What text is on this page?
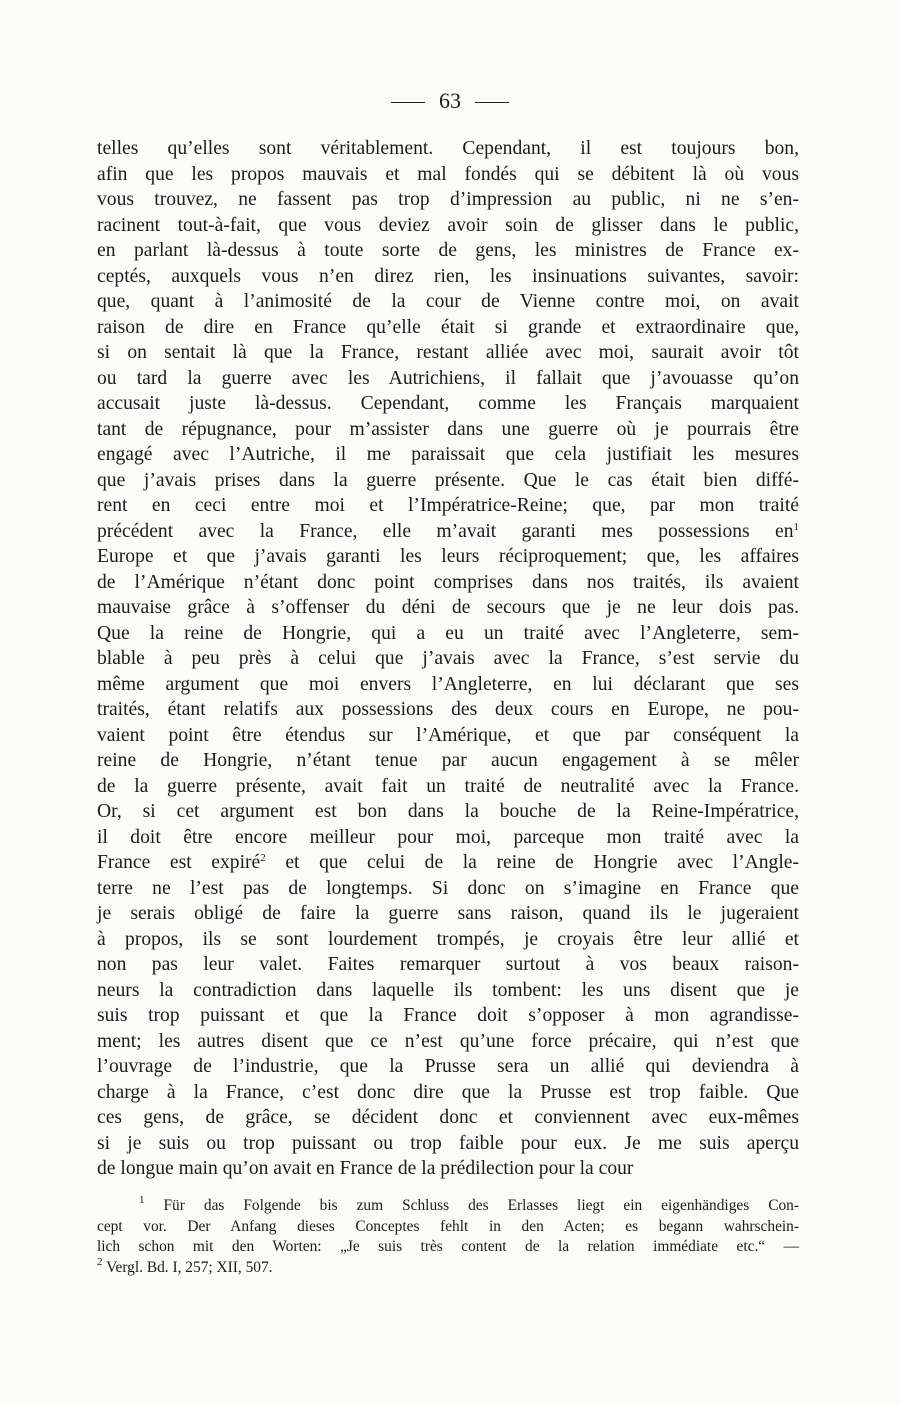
63
telles qu’elles sont véritablement. Cependant, il est toujours bon,
afin que les propos mauvais et mal fondés qui se débitent là où vous
vous trouvez, ne fassent pas trop d’impression au public, ni ne s’en-
racinent tout-à-fait, que vous deviez avoir soin de glisser dans le public,
en parlant là-dessus à toute sorte de gens, les ministres de France ex-
ceptés, auxquels vous n’en direz rien, les insinuations suivantes, savoir:
que, quant à l’animosité de la cour de Vienne contre moi, on avait
raison de dire en France qu’elle était si grande et extraordinaire que,
si on sentait là que la France, restant alliée avec moi, saurait avoir tôt
ou tard la guerre avec les Autrichiens, il fallait que j’avouasse qu’on
accusait juste là-dessus. Cependant, comme les Français marquaient
tant de répugnance, pour m’assister dans une guerre où je pourrais être
engagé avec l’Autriche, il me paraissait que cela justifiait les mesures
que j’avais prises dans la guerre présente. Que le cas était bien diffé-
rent en ceci entre moi et l’Impératrice-Reine; que, par mon traité
précédent avec la France, elle m’avait garanti mes possessions en$^1$
Europe et que j’avais garanti les leurs réciproquement; que, les affaires
de l’Amérique n’étant donc point comprises dans nos traités, ils avaient
mauvaise grâce à s’offenser du déni de secours que je ne leur dois pas.
Que la reine de Hongrie, qui a eu un traité avec l’Angleterre, sem-
blable à peu près à celui que j’avais avec la France, s’est servie du
même argument que moi envers l’Angleterre, en lui déclarant que ses
traités, étant relatifs aux possessions des deux cours en Europe, ne pou-
vaient point être étendus sur l’Amérique, et que par conséquent la
reine de Hongrie, n’étant tenue par aucun engagement à se mêler
de la guerre présente, avait fait un traité de neutralité avec la France.
Or, si cet argument est bon dans la bouche de la Reine-Impératrice,
il doit être encore meilleur pour moi, parceque mon traité avec la
France est expiré$^2$ et que celui de la reine de Hongrie avec l’Angle-
terre ne l’est pas de longtemps. Si donc on s’imagine en France que
je serais obligé de faire la guerre sans raison, quand ils le jugeraient
à propos, ils se sont lourdement trompés, je croyais être leur allié et
non pas leur valet. Faites remarquer surtout à vos beaux raison-
neurs la contradiction dans laquelle ils tombent: les uns disent que je
suis trop puissant et que la France doit s’opposer à mon agrandisse-
ment; les autres disent que ce n’est qu’une force précaire, qui n’est que
l’ouvrage de l’industrie, que la Prusse sera un allié qui deviendra à
charge à la France, c’est donc dire que la Prusse est trop faible. Que
ces gens, de grâce, se décident donc et conviennent avec eux-mêmes
si je suis ou trop puissant ou trop faible pour eux. Je me suis aperçu
de longue main qu’on avait en France de la prédilection pour la cour
$^1$ Für das Folgende bis zum Schluss des Erlasses liegt ein eigenhändiges Con-
cept vor. Der Anfang dieses Conceptes fehlt in den Acten; es begann wahrschein-
lich schon mit den Worten: „Je suis très content de la relation immédiate etc.“ —
$^2$ Vergl. Bd. I, 257; XII, 507.
